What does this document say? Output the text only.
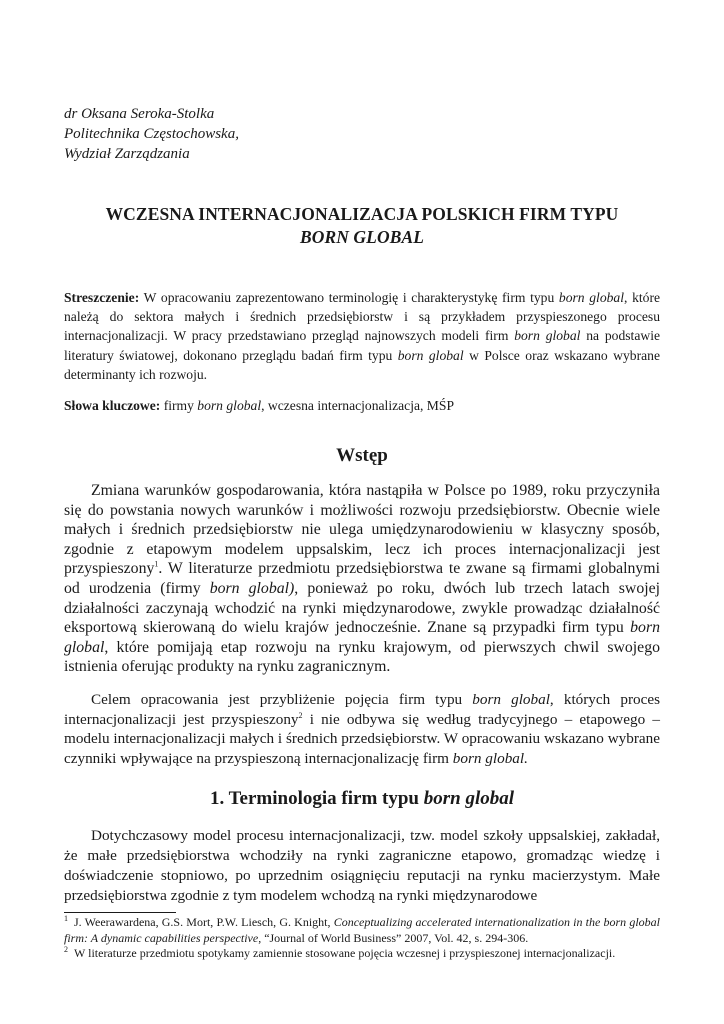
dr Oksana Seroka-Stolka
Politechnika Częstochowska,
Wydział Zarządzania
WCZESNA INTERNACJONALIZACJA POLSKICH FIRM TYPU
BORN GLOBAL

Streszczenie: W opracowaniu zaprezentowano terminologię i charakterystykę firm typu born global, które należą do sektora małych i średnich przedsiębiorstw i są przykładem przyspieszonego procesu internacjonalizacji. W pracy przedstawiano przegląd najnowszych modeli firm born global na podstawie literatury światowej, dokonano przeglądu badań firm typu born global w Polsce oraz wskazano wybrane determinanty ich rozwoju.

Słowa kluczowe: firmy born global, wczesna internacjonalizacja, MŚP

Wstęp

Zmiana warunków gospodarowania, która nastąpiła w Polsce po 1989, roku przyczyniła się do powstania nowych warunków i możliwości rozwoju przedsiębiorstw. Obecnie wiele małych i średnich przedsiębiorstw nie ulega umiędzynarodowieniu w klasyczny sposób, zgodnie z etapowym modelem uppsalskim, lecz ich proces internacjonalizacji jest przyspieszony$^1$. W literaturze przedmiotu przedsiębiorstwa te zwane są firmami globalnymi od urodzenia (firmy born global), ponieważ po roku, dwóch lub trzech latach swojej działalności zaczynają wchodzić na rynki międzynarodowe, zwykle prowadząc działalność eksportową skierowaną do wielu krajów jednocześnie. Znane są przypadki firm typu born global, które pomijają etap rozwoju na rynku krajowym, od pierwszych chwil swojego istnienia oferując produkty na rynku zagranicznym.

Celem opracowania jest przybliżenie pojęcia firm typu born global, których proces internacjonalizacji jest przyspieszony$^2$ i nie odbywa się według tradycyjnego – etapowego – modelu internacjonalizacji małych i średnich przedsiębiorstw. W opracowaniu wskazano wybrane czynniki wpływające na przyspieszoną internacjonalizację firm born global.

1. Terminologia firm typu born global

Dotychczasowy model procesu internacjonalizacji, tzw. model szkoły uppsalskiej, zakładał, że małe przedsiębiorstwa wchodziły na rynki zagraniczne etapowo, gromadząc wiedzę i doświadczenie stopniowo, po uprzednim osiągnięciu reputacji na rynku macierzystym. Małe przedsiębiorstwa zgodnie z tym modelem wchodzą na rynki międzynarodowe

$^1$ J. Weerawardena, G.S. Mort, P.W. Liesch, G. Knight, Conceptualizing accelerated internationalization in the born global firm: A dynamic capabilities perspective, “Journal of World Business” 2007, Vol. 42, s. 294-306.

$^2$ W literaturze przedmiotu spotykamy zamiennie stosowane pojęcia wczesnej i przyspieszonej internacjonalizacji.
